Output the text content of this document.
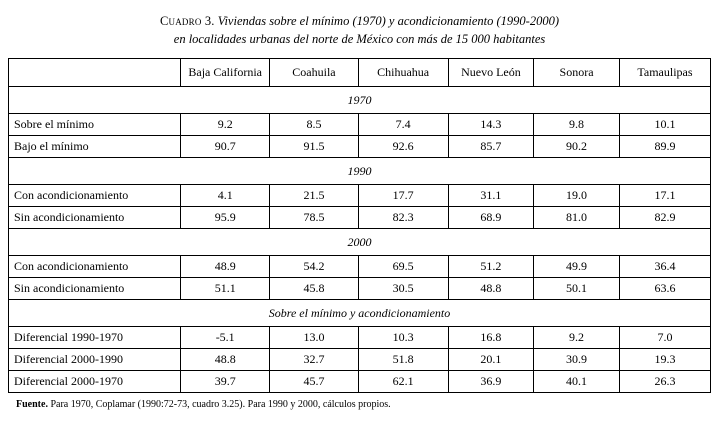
Cuadro 3. Viviendas sobre el mínimo (1970) y acondicionamiento (1990-2000)
en localidades urbanas del norte de México con más de 15 000 habitantes
	Baja California	Coahuila	Chihuahua	Nuevo León	Sonora	Tamaulipas
1970						
Sobre el mínimo	9.2	8.5	7.4	14.3	9.8	10.1
Bajo el mínimo	90.7	91.5	92.6	85.7	90.2	89.9
1990						
Con acondicionamiento	4.1	21.5	17.7	31.1	19.0	17.1
Sin acondicionamiento	95.9	78.5	82.3	68.9	81.0	82.9
2000						
Con acondicionamiento	48.9	54.2	69.5	51.2	49.9	36.4
Sin acondicionamiento	51.1	45.8	30.5	48.8	50.1	63.6
Sobre el mínimo y acondicionamiento						
Diferencial 1990-1970	-5.1	13.0	10.3	16.8	9.2	7.0
Diferencial 2000-1990	48.8	32.7	51.8	20.1	30.9	19.3
Diferencial 2000-1970	39.7	45.7	62.1	36.9	40.1	26.3
Fuente. Para 1970, Coplamar (1990:72-73, cuadro 3.25). Para 1990 y 2000, cálculos propios.
